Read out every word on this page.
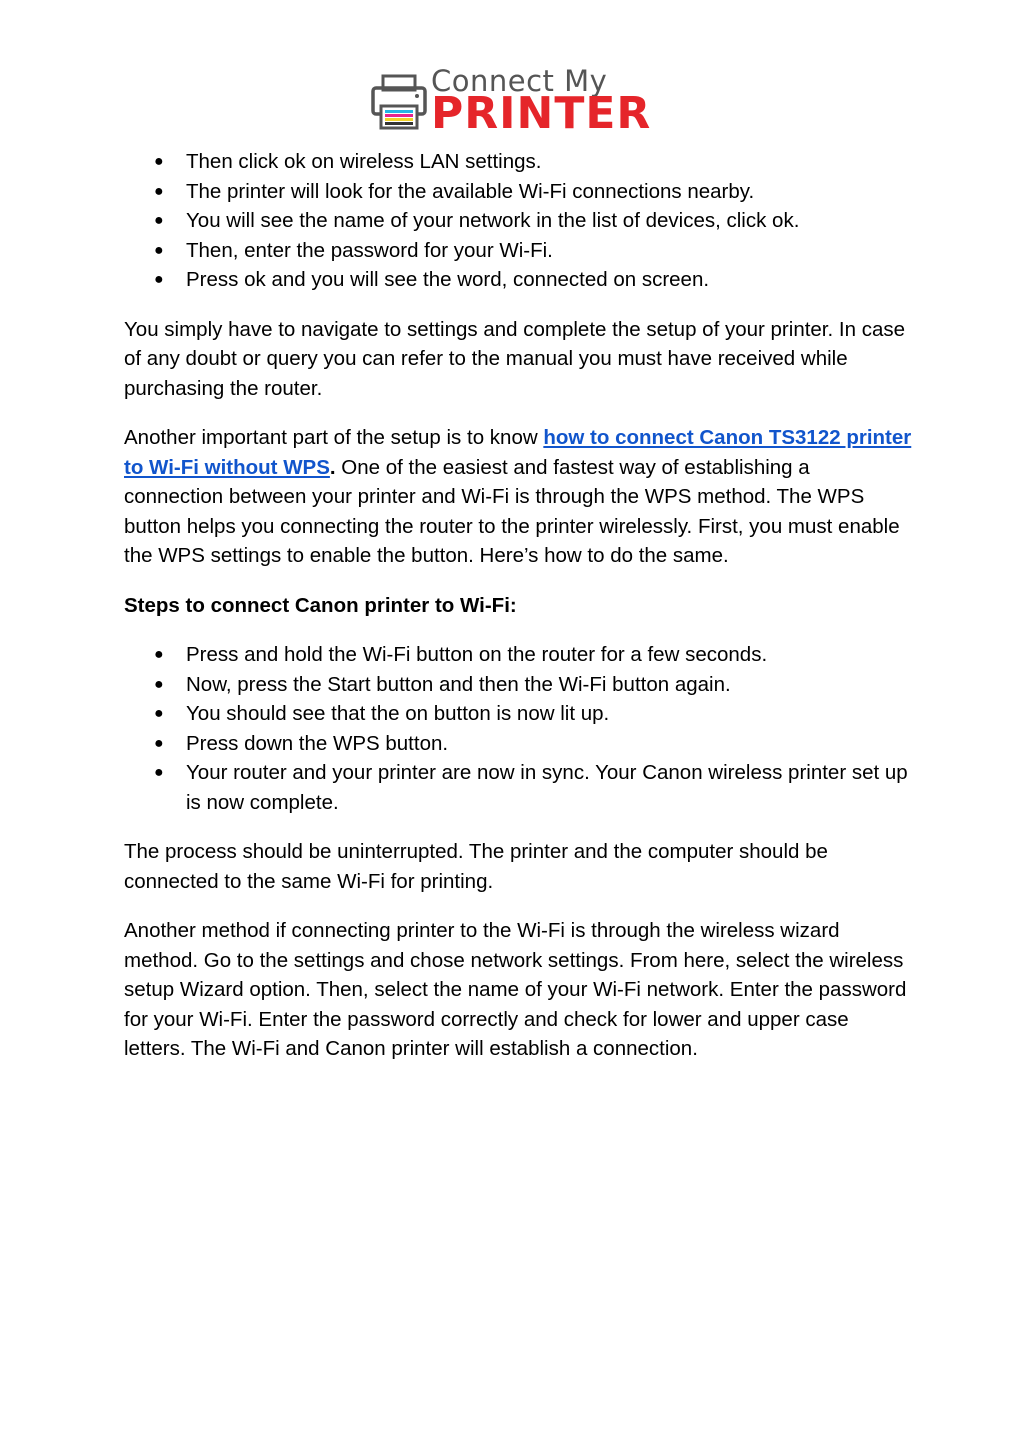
Connect My
PRINTER
● Then click ok on wireless LAN settings.
● The printer will look for the available Wi-Fi connections nearby.
● You will see the name of your network in the list of devices, click ok.
● Then, enter the password for your Wi-Fi.
● Press ok and you will see the word, connected on screen.

You simply have to navigate to settings and complete the setup of your printer. In case of any doubt or query you can refer to the manual you must have received while purchasing the router.

Another important part of the setup is to know how to connect Canon TS3122 printer to Wi-Fi without WPS. One of the easiest and fastest way of establishing a connection between your printer and Wi-Fi is through the WPS method. The WPS button helps you connecting the router to the printer wirelessly. First, you must enable the WPS settings to enable the button. Here’s how to do the same.

Steps to connect Canon printer to Wi-Fi:

● Press and hold the Wi-Fi button on the router for a few seconds.
● Now, press the Start button and then the Wi-Fi button again.
● You should see that the on button is now lit up.
● Press down the WPS button.
● Your router and your printer are now in sync. Your Canon wireless printer set up is now complete.

The process should be uninterrupted. The printer and the computer should be connected to the same Wi-Fi for printing.

Another method if connecting printer to the Wi-Fi is through the wireless wizard method. Go to the settings and chose network settings. From here, select the wireless setup Wizard option. Then, select the name of your Wi-Fi network. Enter the password for your Wi-Fi. Enter the password correctly and check for lower and upper case letters. The Wi-Fi and Canon printer will establish a connection.
